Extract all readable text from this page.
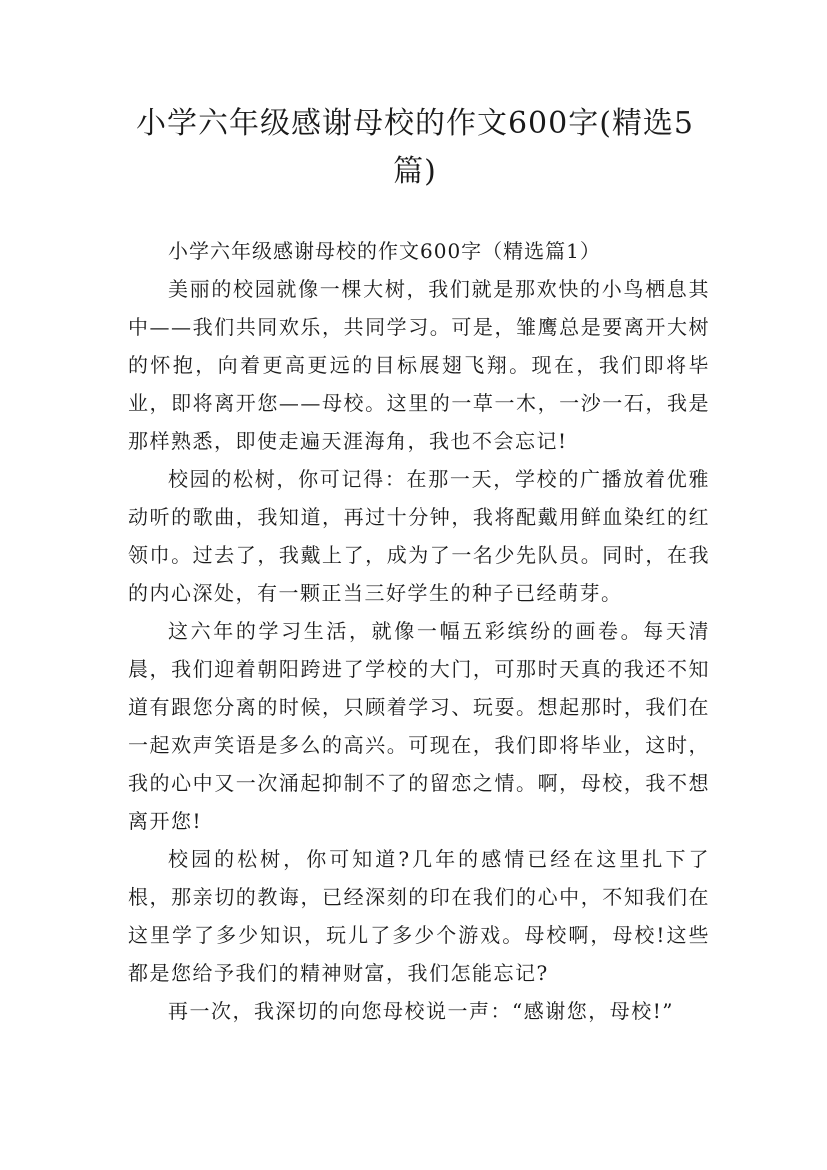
小学六年级感谢母校的作文600字(精选5篇)

小学六年级感谢母校的作文600字（精选篇1）

美丽的校园就像一棵大树，我们就是那欢快的小鸟栖息其中——我们共同欢乐，共同学习。可是，雏鹰总是要离开大树的怀抱，向着更高更远的目标展翅飞翔。现在，我们即将毕业，即将离开您——母校。这里的一草一木，一沙一石，我是那样熟悉，即使走遍天涯海角，我也不会忘记!

校园的松树，你可记得：在那一天，学校的广播放着优雅动听的歌曲，我知道，再过十分钟，我将配戴用鲜血染红的红领巾。过去了，我戴上了，成为了一名少先队员。同时，在我的内心深处，有一颗正当三好学生的种子已经萌芽。

这六年的学习生活，就像一幅五彩缤纷的画卷。每天清晨，我们迎着朝阳跨进了学校的大门，可那时天真的我还不知道有跟您分离的时候，只顾着学习、玩耍。想起那时，我们在一起欢声笑语是多么的高兴。可现在，我们即将毕业，这时，我的心中又一次涌起抑制不了的留恋之情。啊，母校，我不想离开您!

校园的松树，你可知道?几年的感情已经在这里扎下了根，那亲切的教诲，已经深刻的印在我们的心中，不知我们在这里学了多少知识，玩儿了多少个游戏。母校啊，母校!这些都是您给予我们的精神财富，我们怎能忘记?

再一次，我深切的向您母校说一声：“感谢您，母校!”
